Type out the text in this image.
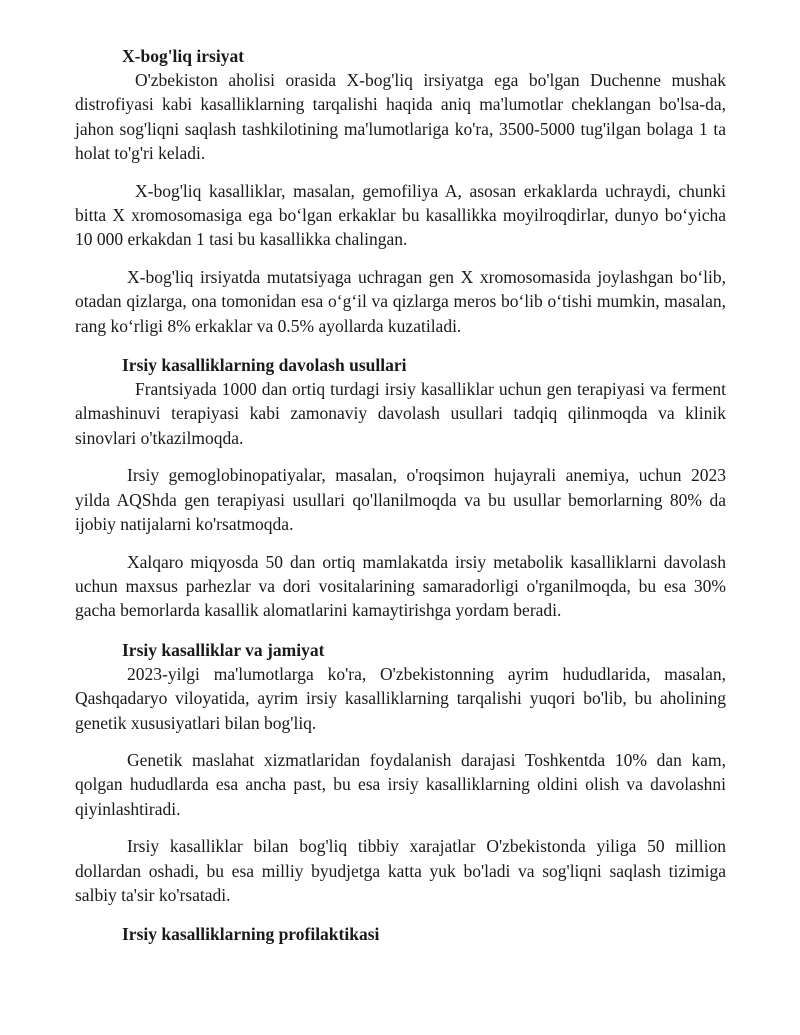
X-bog'liq irsiyat

O'zbekiston aholisi orasida X-bog'liq irsiyatga ega bo'lgan Duchenne mushak distrofiyasi kabi kasalliklarning tarqalishi haqida aniq ma'lumotlar cheklangan bo'lsa-da, jahon sog'liqni saqlash tashkilotining ma'lumotlariga ko'ra, 3500-5000 tug'ilgan bolaga 1 ta holat to'g'ri keladi.

X-bog'liq kasalliklar, masalan, gemofiliya A, asosan erkaklarda uchraydi, chunki bitta X xromosomasiga ega boʻlgan erkaklar bu kasallikka moyilroqdirlar, dunyo boʻyicha 10 000 erkakdan 1 tasi bu kasallikka chalingan.

X-bog'liq irsiyatda mutatsiyaga uchragan gen X xromosomasida joylashgan boʻlib, otadan qizlarga, ona tomonidan esa oʻgʻil va qizlarga meros boʻlib oʻtishi mumkin, masalan, rang koʻrligi 8% erkaklar va 0.5% ayollarda kuzatiladi.

Irsiy kasalliklarning davolash usullari

Frantsiyada 1000 dan ortiq turdagi irsiy kasalliklar uchun gen terapiyasi va ferment almashinuvi terapiyasi kabi zamonaviy davolash usullari tadqiq qilinmoqda va klinik sinovlari o'tkazilmoqda.

Irsiy gemoglobinopatiyalar, masalan, o'roqsimon hujayrali anemiya, uchun 2023 yilda AQShda gen terapiyasi usullari qo'llanilmoqda va bu usullar bemorlarning 80% da ijobiy natijalarni ko'rsatmoqda.

Xalqaro miqyosda 50 dan ortiq mamlakatda irsiy metabolik kasalliklarni davolash uchun maxsus parhezlar va dori vositalarining samaradorligi o'rganilmoqda, bu esa 30% gacha bemorlarda kasallik alomatlarini kamaytirishga yordam beradi.

Irsiy kasalliklar va jamiyat

2023-yilgi ma'lumotlarga ko'ra, O'zbekistonning ayrim hududlarida, masalan, Qashqadaryo viloyatida, ayrim irsiy kasalliklarning tarqalishi yuqori bo'lib, bu aholining genetik xususiyatlari bilan bog'liq.

Genetik maslahat xizmatlaridan foydalanish darajasi Toshkentda 10% dan kam, qolgan hududlarda esa ancha past, bu esa irsiy kasalliklarning oldini olish va davolashni qiyinlashtiradi.

Irsiy kasalliklar bilan bog'liq tibbiy xarajatlar O'zbekistonda yiliga 50 million dollardan oshadi, bu esa milliy byudjetga katta yuk bo'ladi va sog'liqni saqlash tizimiga salbiy ta'sir ko'rsatadi.

Irsiy kasalliklarning profilaktikasi
